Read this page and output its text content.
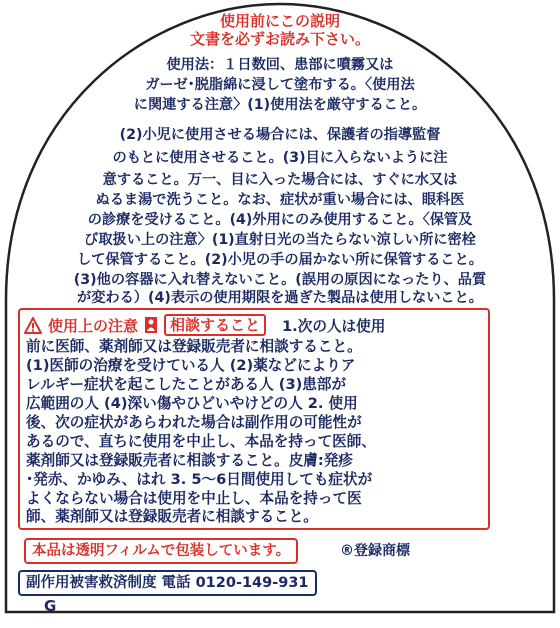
使用前にこの説明
文書を必ずお読み下さい。
使用法：１日数回、患部に噴霧又は
ガーゼ･脱脂綿に浸して塗布する。〈使用法
に関連する注意〉(1)使用法を厳守すること。
(2)小児に使用させる場合には、保護者の指導監督
のもとに使用させること。(3)目に入らないように注
意すること。万一、目に入った場合には、すぐに水又は
ぬるま湯で洗うこと。なお、症状が重い場合には、眼科医
の診療を受けること。(4)外用にのみ使用すること。〈保管及
び取扱い上の注意〉(1)直射日光の当たらない涼しい所に密栓
して保管すること。(2)小児の手の届かない所に保管すること。
(3)他の容器に入れ替えないこと。(誤用の原因になったり、品質
が変わる）(4)表示の使用期限を過ぎた製品は使用しないこと。
使用上の注意	相談すること	1.次の人は使用
前に医師、薬剤師又は登録販売者に相談すること。
(1)医師の治療を受けている人 (2)薬などによりア
レルギー症状を起こしたことがある人 (3)患部が
広範囲の人 (4)深い傷やひどいやけどの人 2. 使用
後、次の症状があらわれた場合は副作用の可能性が
あるので、直ちに使用を中止し、本品を持って医師、
薬剤師又は登録販売者に相談すること。皮膚:発疹
･発赤、かゆみ、はれ 3. 5～6日間使用しても症状が
よくならない場合は使用を中止し、本品を持って医
本品は透明フィルムで包装しています。	®登録商標
副作用被害救済制度 電話 0120-149-931
G
師、薬剤師又は登録販売者に相談すること。
